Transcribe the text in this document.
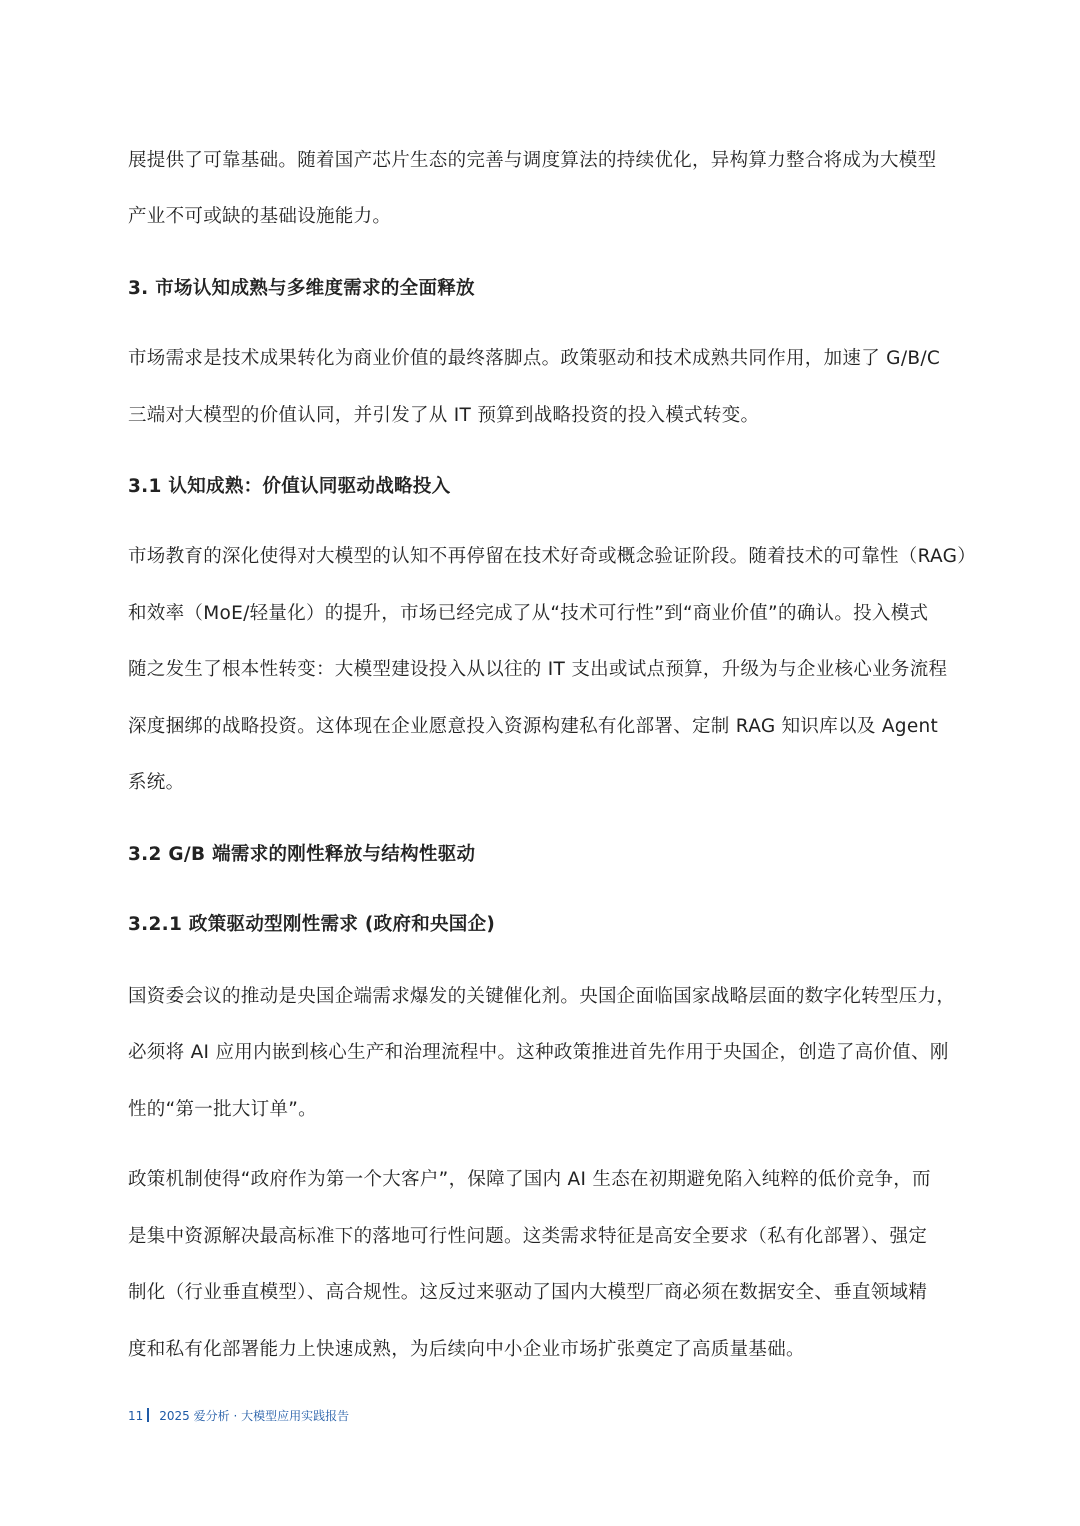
展提供了可靠基础。随着国产芯片生态的完善与调度算法的持续优化，异构算力整合将成为大模型
产业不可或缺的基础设施能力。
3. 市场认知成熟与多维度需求的全面释放
市场需求是技术成果转化为商业价值的最终落脚点。政策驱动和技术成熟共同作用，加速了 G/B/C
三端对大模型的价值认同，并引发了从 IT 预算到战略投资的投入模式转变。
3.1 认知成熟：价值认同驱动战略投入
市场教育的深化使得对大模型的认知不再停留在技术好奇或概念验证阶段。随着技术的可靠性（RAG）
和效率（MoE/轻量化）的提升，市场已经完成了从“技术可行性”到“商业价值”的确认。投入模式
随之发生了根本性转变：大模型建设投入从以往的 IT 支出或试点预算，升级为与企业核心业务流程
深度捆绑的战略投资。这体现在企业愿意投入资源构建私有化部署、定制 RAG 知识库以及 Agent
系统。
3.2 G/B 端需求的刚性释放与结构性驱动
3.2.1 政策驱动型刚性需求 (政府和央国企)
国资委会议的推动是央国企端需求爆发的关键催化剂。央国企面临国家战略层面的数字化转型压力，
必须将 AI 应用内嵌到核心生产和治理流程中。这种政策推进首先作用于央国企，创造了高价值、刚
性的“第一批大订单”。
政策机制使得“政府作为第一个大客户”，保障了国内 AI 生态在初期避免陷入纯粹的低价竞争，而
是集中资源解决最高标准下的落地可行性问题。这类需求特征是高安全要求（私有化部署）、强定
制化（行业垂直模型）、高合规性。这反过来驱动了国内大模型厂商必须在数据安全、垂直领域精
度和私有化部署能力上快速成熟，为后续向中小企业市场扩张奠定了高质量基础。
11 2025 爱分析 · 大模型应用实践报告
